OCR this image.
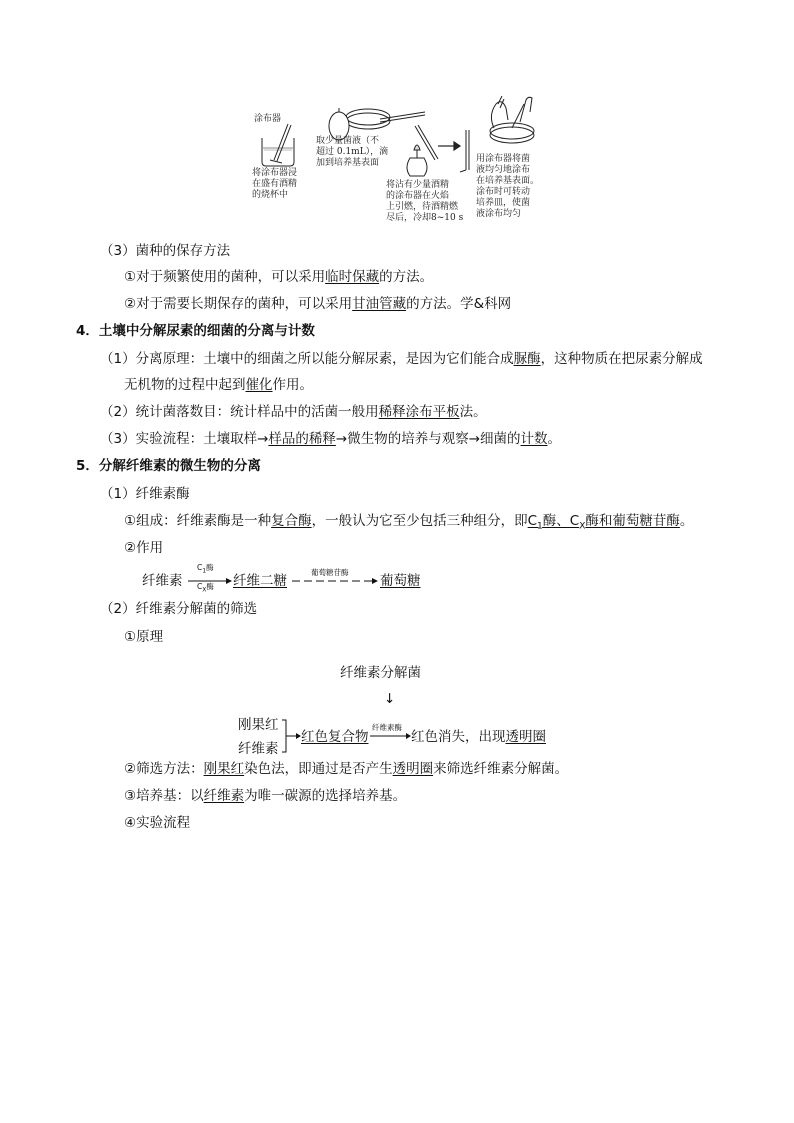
涂布器
将涂布器浸
在盛有酒精
的烧杯中
取少量菌液（不
超过 0.1mL），滴
加到培养基表面
将沾有少量酒精
的涂布器在火焰
上引燃，待酒精燃
尽后，冷却8~10 s
用涂布器将菌
液均匀地涂布
在培养基表面。
涂布时可转动
培养皿，使菌
液涂布均匀
（3）菌种的保存方法
①对于频繁使用的菌种，可以采用临时保藏的方法。
②对于需要长期保存的菌种，可以采用甘油管藏的方法。学&科网
4．土壤中分解尿素的细菌的分离与计数
（1）分离原理：土壤中的细菌之所以能分解尿素，是因为它们能合成脲酶，这种物质在把尿素分解成
无机物的过程中起到催化作用。
（2）统计菌落数目：统计样品中的活菌一般用稀释涂布平板法。
（3）实验流程：土壤取样→样品的稀释→微生物的培养与观察→细菌的计数。
5．分解纤维素的微生物的分离
（1）纤维素酶
①组成：纤维素酶是一种复合酶，一般认为它至少包括三种组分，即$C_1$酶、$C_X$酶和葡萄糖苷酶。
②作用
纤维素
$C_1$酶
$C_X$酶 纤维二糖
葡萄糖苷酶
葡萄糖
（2）纤维素分解菌的筛选
①原理
纤维素分解菌
↓
刚果红
纤维素
红色复合物
纤维素酶
红色消失，出现透明圈
②筛选方法：刚果红染色法，即通过是否产生透明圈来筛选纤维素分解菌。
③培养基：以纤维素为唯一碳源的选择培养基。
④实验流程
